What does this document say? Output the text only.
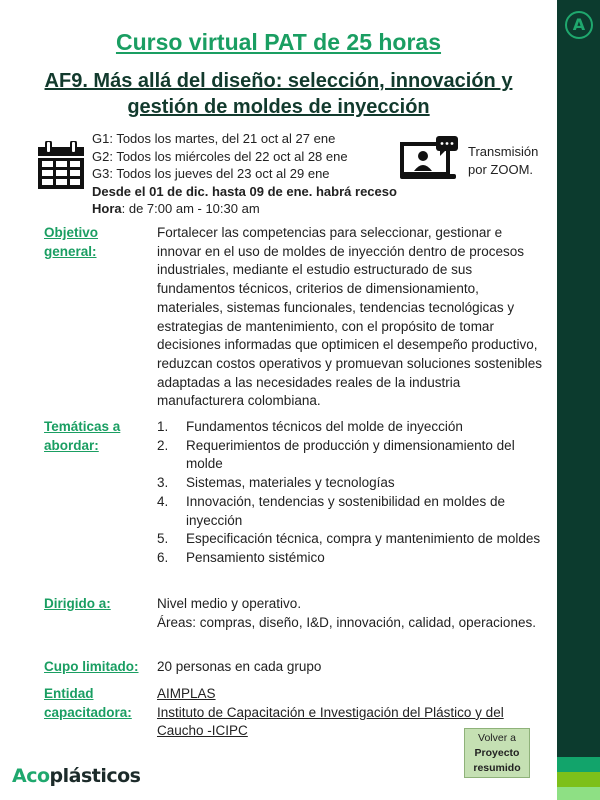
A
Curso virtual PAT de 25 horas
AF9. Más allá del diseño: selección, innovación y
gestión de moldes de inyección
G1: Todos los martes, del 21 oct al 27 ene
G2: Todos los miércoles del 22 oct al 28 ene
G3: Todos los jueves del 23 oct al 29 ene
Desde el 01 de dic. hasta 09 de ene. habrá receso
Hora: de 7:00 am - 10:30 am
Transmisión
por ZOOM.
Objetivo
general:
Fortalecer las competencias para seleccionar, gestionar e innovar en el uso de moldes de inyección dentro de procesos industriales, mediante el estudio estructurado de sus fundamentos técnicos, criterios de dimensionamiento, materiales, sistemas funcionales, tendencias tecnológicas y estrategias de mantenimiento, con el propósito de tomar decisiones informadas que optimicen el desempeño productivo, reduzcan costos operativos y promuevan soluciones sostenibles adaptadas a las necesidades reales de la industria manufacturera colombiana.
Temáticas a
abordar:
1. Fundamentos técnicos del molde de inyección
2. Requerimientos de producción y dimensionamiento del molde
3. Sistemas, materiales y tecnologías
4. Innovación, tendencias y sostenibilidad en moldes de inyección
5. Especificación técnica, compra y mantenimiento de moldes
6. Pensamiento sistémico
Dirigido a:	Nivel medio y operativo.
Áreas: compras, diseño, I&D, innovación, calidad, operaciones.
Cupo limitado:	20 personas en cada grupo
Entidad
capacitadora:
AIMPLAS
Instituto de Capacitación e Investigación del Plástico y del Caucho -ICIPC	Volver a
Proyecto
resumido
Acoplásticos
